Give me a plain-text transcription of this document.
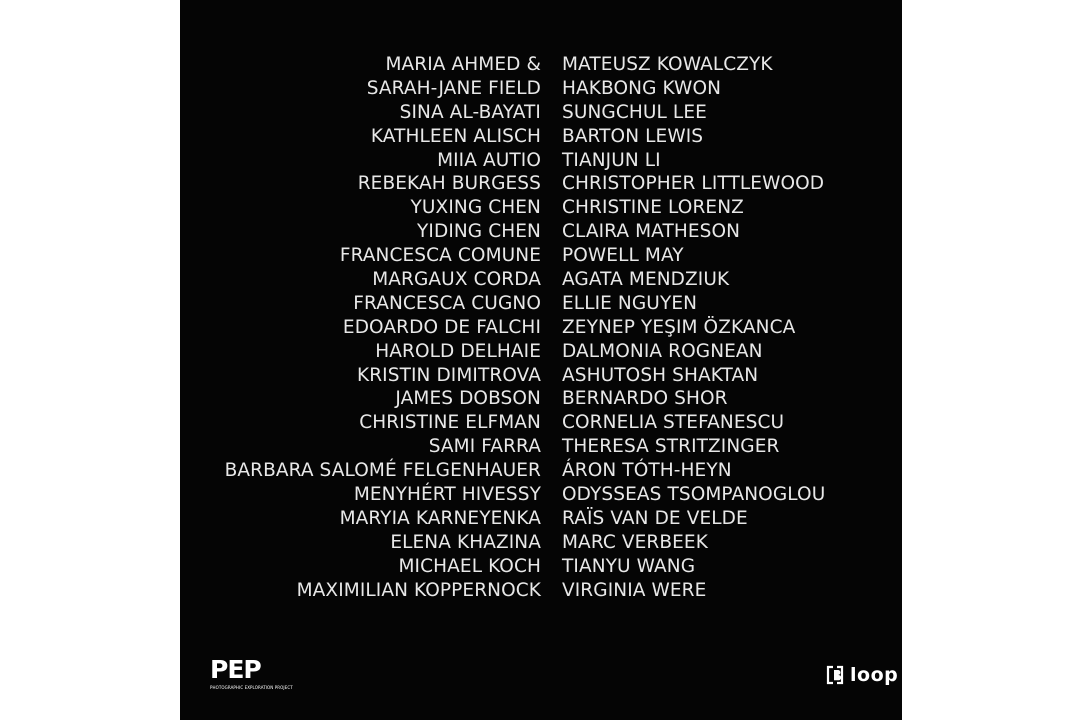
MARIA AHMED &
SARAH-JANE FIELD
SINA AL-BAYATI
KATHLEEN ALISCH
MIIA AUTIO
REBEKAH BURGESS
YUXING CHEN
YIDING CHEN
FRANCESCA COMUNE
MARGAUX CORDA
FRANCESCA CUGNO
EDOARDO DE FALCHI
HAROLD DELHAIE
KRISTIN DIMITROVA
JAMES DOBSON
CHRISTINE ELFMAN
SAMI FARRA
BARBARA SALOMÉ FELGENHAUER
MENYHÉRT HIVESSY
MARYIA KARNEYENKA
ELENA KHAZINA
MICHAEL KOCH
MAXIMILIAN KOPPERNOCK
MATEUSZ KOWALCZYK
HAKBONG KWON
SUNGCHUL LEE
BARTON LEWIS
TIANJUN LI
CHRISTOPHER LITTLEWOOD
CHRISTINE LORENZ
CLAIRA MATHESON
POWELL MAY
AGATA MENDZIUK
ELLIE NGUYEN
ZEYNEP YEŞIM ÖZKANCA
DALMONIA ROGNEAN
ASHUTOSH SHAKTAN
BERNARDO SHOR
CORNELIA STEFANESCU
THERESA STRITZINGER
ÁRON TÓTH-HEYN
ODYSSEAS TSOMPANOGLOU
RAÏS VAN DE VELDE
MARC VERBEEK
TIANYU WANG
VIRGINIA WERE
PEP
PHOTOGRAPHIC EXPLORATION PROJECT
loop
